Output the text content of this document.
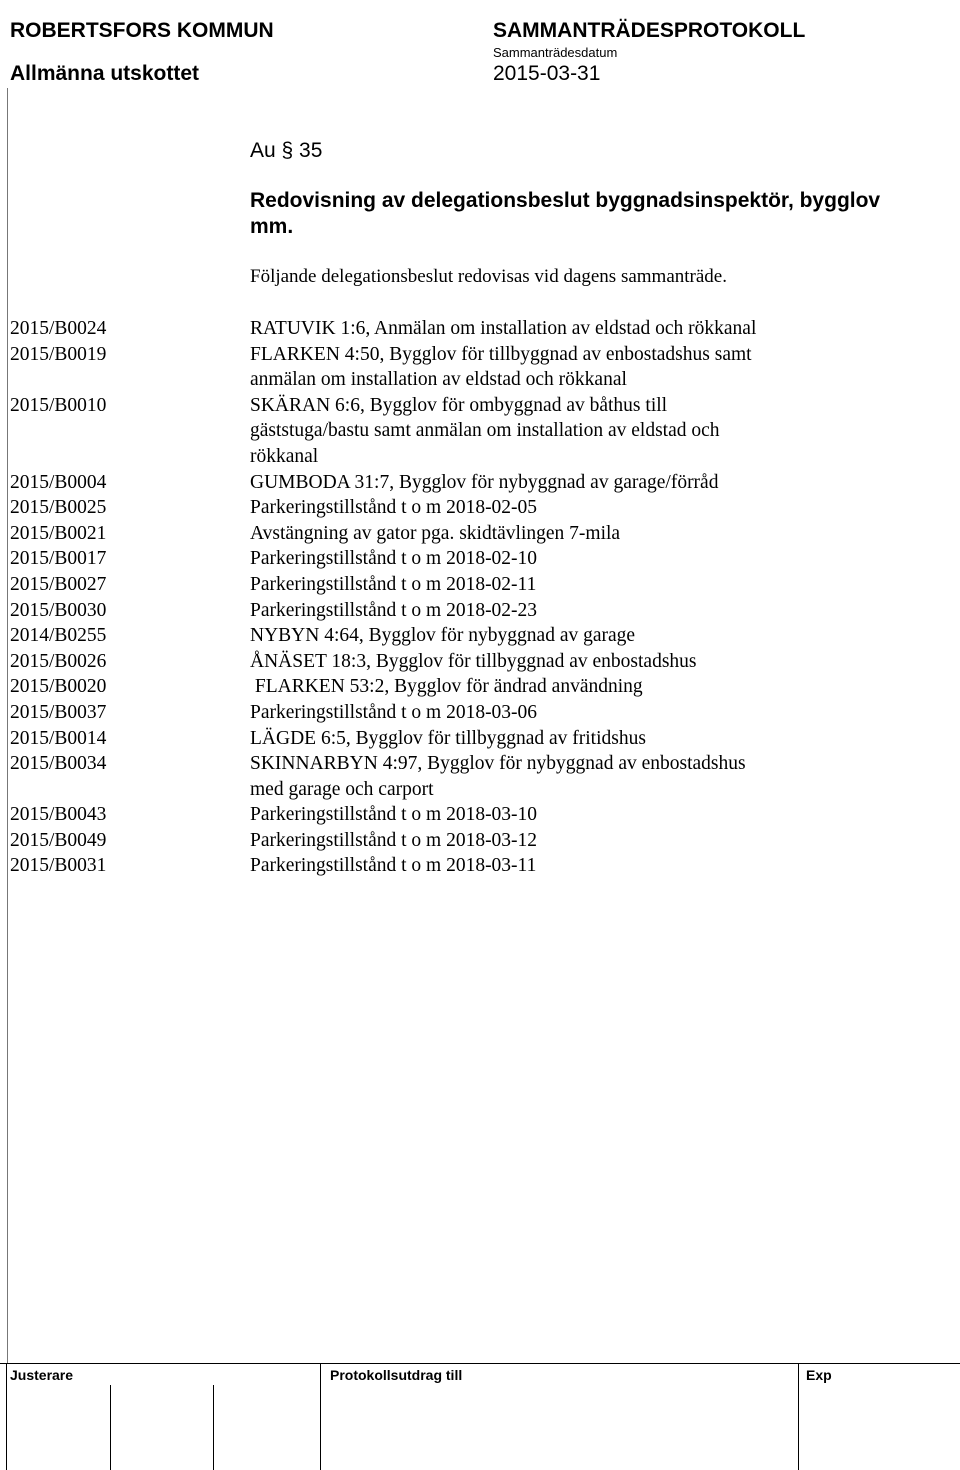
ROBERTSFORS KOMMUN
Allmänna utskottet
SAMMANTRÄDESPROTOKOLL
Sammanträdesdatum
2015-03-31
Au § 35
Redovisning av delegationsbeslut byggnadsinspektör, bygglov mm.
Följande delegationsbeslut redovisas vid dagens sammanträde.
2015/B0024	RATUVIK 1:6, Anmälan om installation av eldstad och rökkanal
2015/B0019	FLARKEN 4:50, Bygglov för tillbyggnad av enbostadshus samt
anmälan om installation av eldstad och rökkanal
2015/B0010	SKÄRAN 6:6, Bygglov för ombyggnad av båthus till
gäststuga/bastu samt anmälan om installation av eldstad och
rökkanal
2015/B0004	GUMBODA 31:7, Bygglov för nybyggnad av garage/förråd
2015/B0025	Parkeringstillstånd t o m 2018-02-05
2015/B0021	Avstängning av gator pga. skidtävlingen 7-mila
2015/B0017	Parkeringstillstånd t o m 2018-02-10
2015/B0027	Parkeringstillstånd t o m 2018-02-11
2015/B0030	Parkeringstillstånd t o m 2018-02-23
2014/B0255	NYBYN 4:64, Bygglov för nybyggnad av garage
2015/B0026	ÅNÄSET 18:3, Bygglov för tillbyggnad av enbostadshus
2015/B0020	FLARKEN 53:2, Bygglov för ändrad användning
2015/B0037	Parkeringstillstånd t o m 2018-03-06
2015/B0014	LÄGDE 6:5, Bygglov för tillbyggnad av fritidshus
2015/B0034	SKINNARBYN 4:97, Bygglov för nybyggnad av enbostadshus
med garage och carport
2015/B0043	Parkeringstillstånd t o m 2018-03-10
2015/B0049	Parkeringstillstånd t o m 2018-03-12
2015/B0031	Parkeringstillstånd t o m 2018-03-11
Justerare	Protokollsutdrag till	Exp
